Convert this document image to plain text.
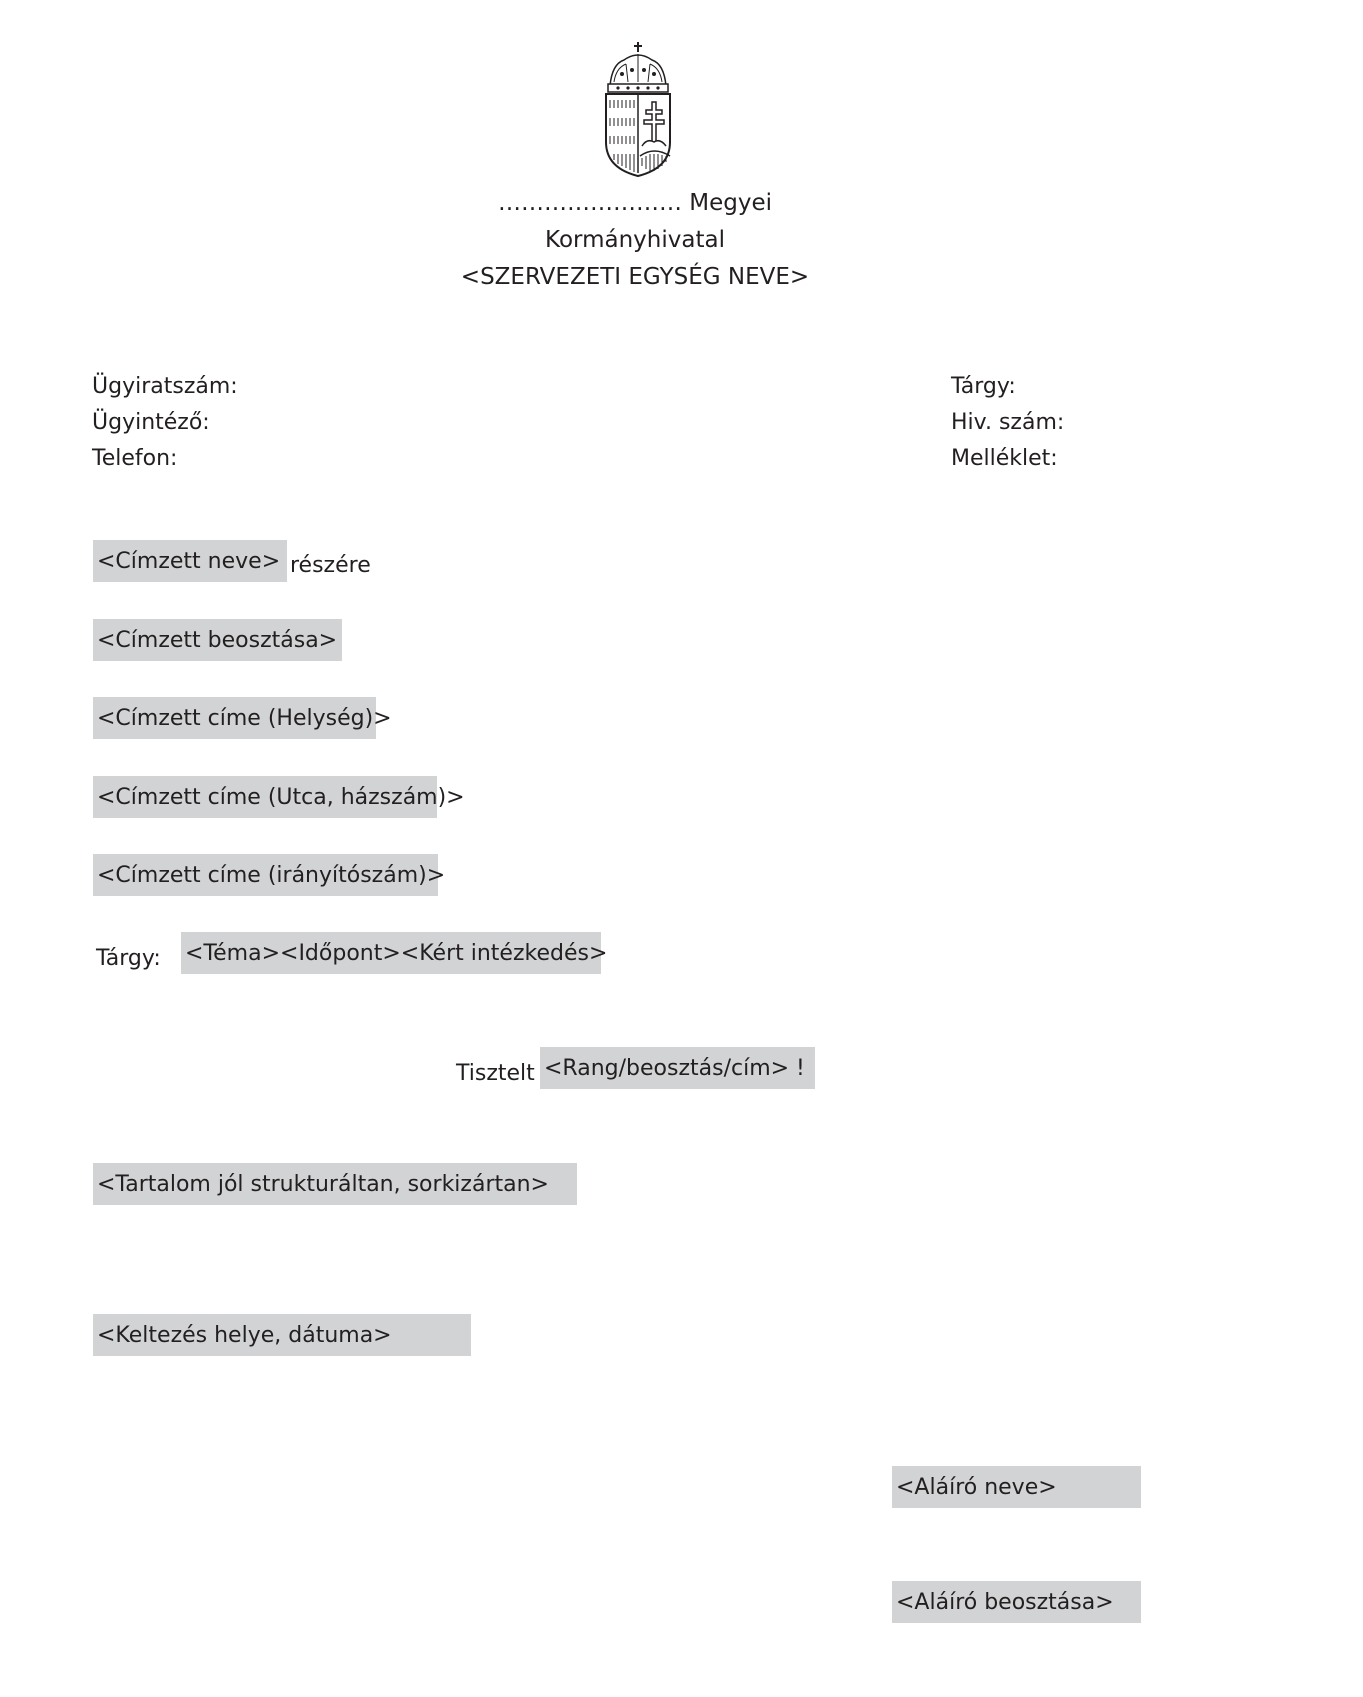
…………………… Megyei
Kormányhivatal
<SZERVEZETI EGYSÉG NEVE>
Ügyiratszám:
Ügyintéző:
Telefon:
Tárgy:
Hiv. szám:
Melléklet:
<Címzett neve> részére
<Címzett beosztása>
<Címzett címe (Helység)>
<Címzett címe (Utca, házszám)>
<Címzett címe (irányítószám)>
Tárgy: <Téma><Időpont><Kért intézkedés>
Tisztelt <Rang/beosztás/cím> !
<Tartalom jól strukturáltan, sorkizártan>
<Keltezés helye, dátuma>
<Aláíró neve>
<Aláíró beosztása>
